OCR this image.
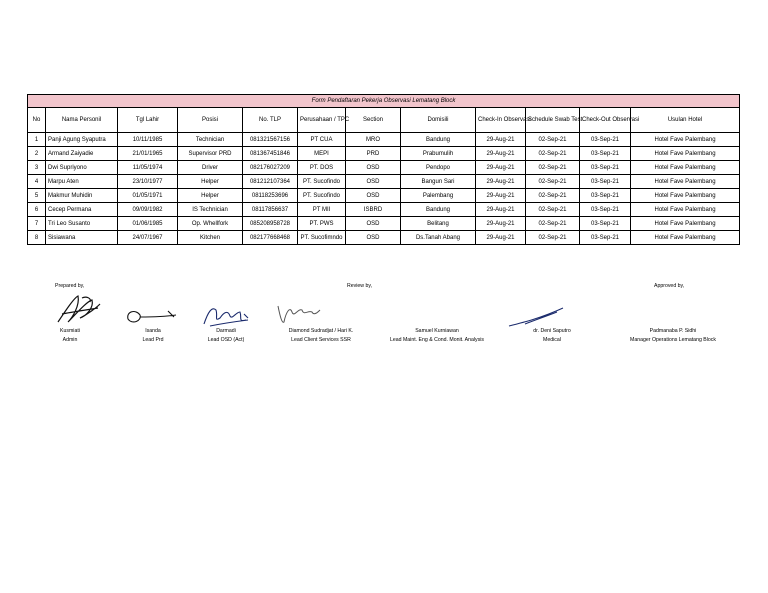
Form Pendaftaran Pekerja Observasi Lematang Block											
No	Nama Personil	Tgl Lahir	Posisi	No. TLP	Perusahaan / TPC	Section	Domisili	Check-In Observasi	Schedule Swab Test	Check-Out Observasi	Usulan Hotel
1	Panji Agung Syaputra	10/11/1985	Technician	081321567156	PT CUA	MRO	Bandung	29-Aug-21	02-Sep-21	03-Sep-21	Hotel Fave Palembang
2	Armand Zaiyadie	21/01/1965	Supervisor PRD	081367451846	MEPI	PRD	Prabumulih	29-Aug-21	02-Sep-21	03-Sep-21	Hotel Fave Palembang
3	Dwi Supriyono	11/05/1974	Driver	082176027209	PT. DOS	OSD	Pendopo	29-Aug-21	02-Sep-21	03-Sep-21	Hotel Fave Palembang
4	Marpu Aten	23/10/1977	Helper	081212107364	PT. Sucofindo	OSD	Bangun Sari	29-Aug-21	02-Sep-21	03-Sep-21	Hotel Fave Palembang
5	Makmur Muhidin	01/05/1971	Helper	08118253696	PT. Sucofindo	OSD	Palembang	29-Aug-21	02-Sep-21	03-Sep-21	Hotel Fave Palembang
6	Cecep Permana	09/09/1982	IS Technician	08117856637	PT MII	ISBRD	Bandung	29-Aug-21	02-Sep-21	03-Sep-21	Hotel Fave Palembang
7	Tri Leo Susanto	01/06/1985	Op. Whellfork	085208958728	PT. PWS	OSD	Belitang	29-Aug-21	02-Sep-21	03-Sep-21	Hotel Fave Palembang
8	Sisiawana	24/07/1967	Kitchen	082177668468	PT. Sucofimndo	OSD	Ds.Tanah Abang	29-Aug-21	02-Sep-21	03-Sep-21	Hotel Fave Palembang
Prepared by,	Review by,	Approved by,
Kusmiati
Admin
Isanda
Lead Prd
Darmadi
Lead OSD (Act)
Diamond Sudradjat / Hari K.
Lead Client Services SSR
Samuel Kurniawan
Lead Maint. Eng & Cond. Monit. Analysis
dr. Deni Saputro
Medical
Padmanaba P. Sidhi
Manager Operations Lematang Block
